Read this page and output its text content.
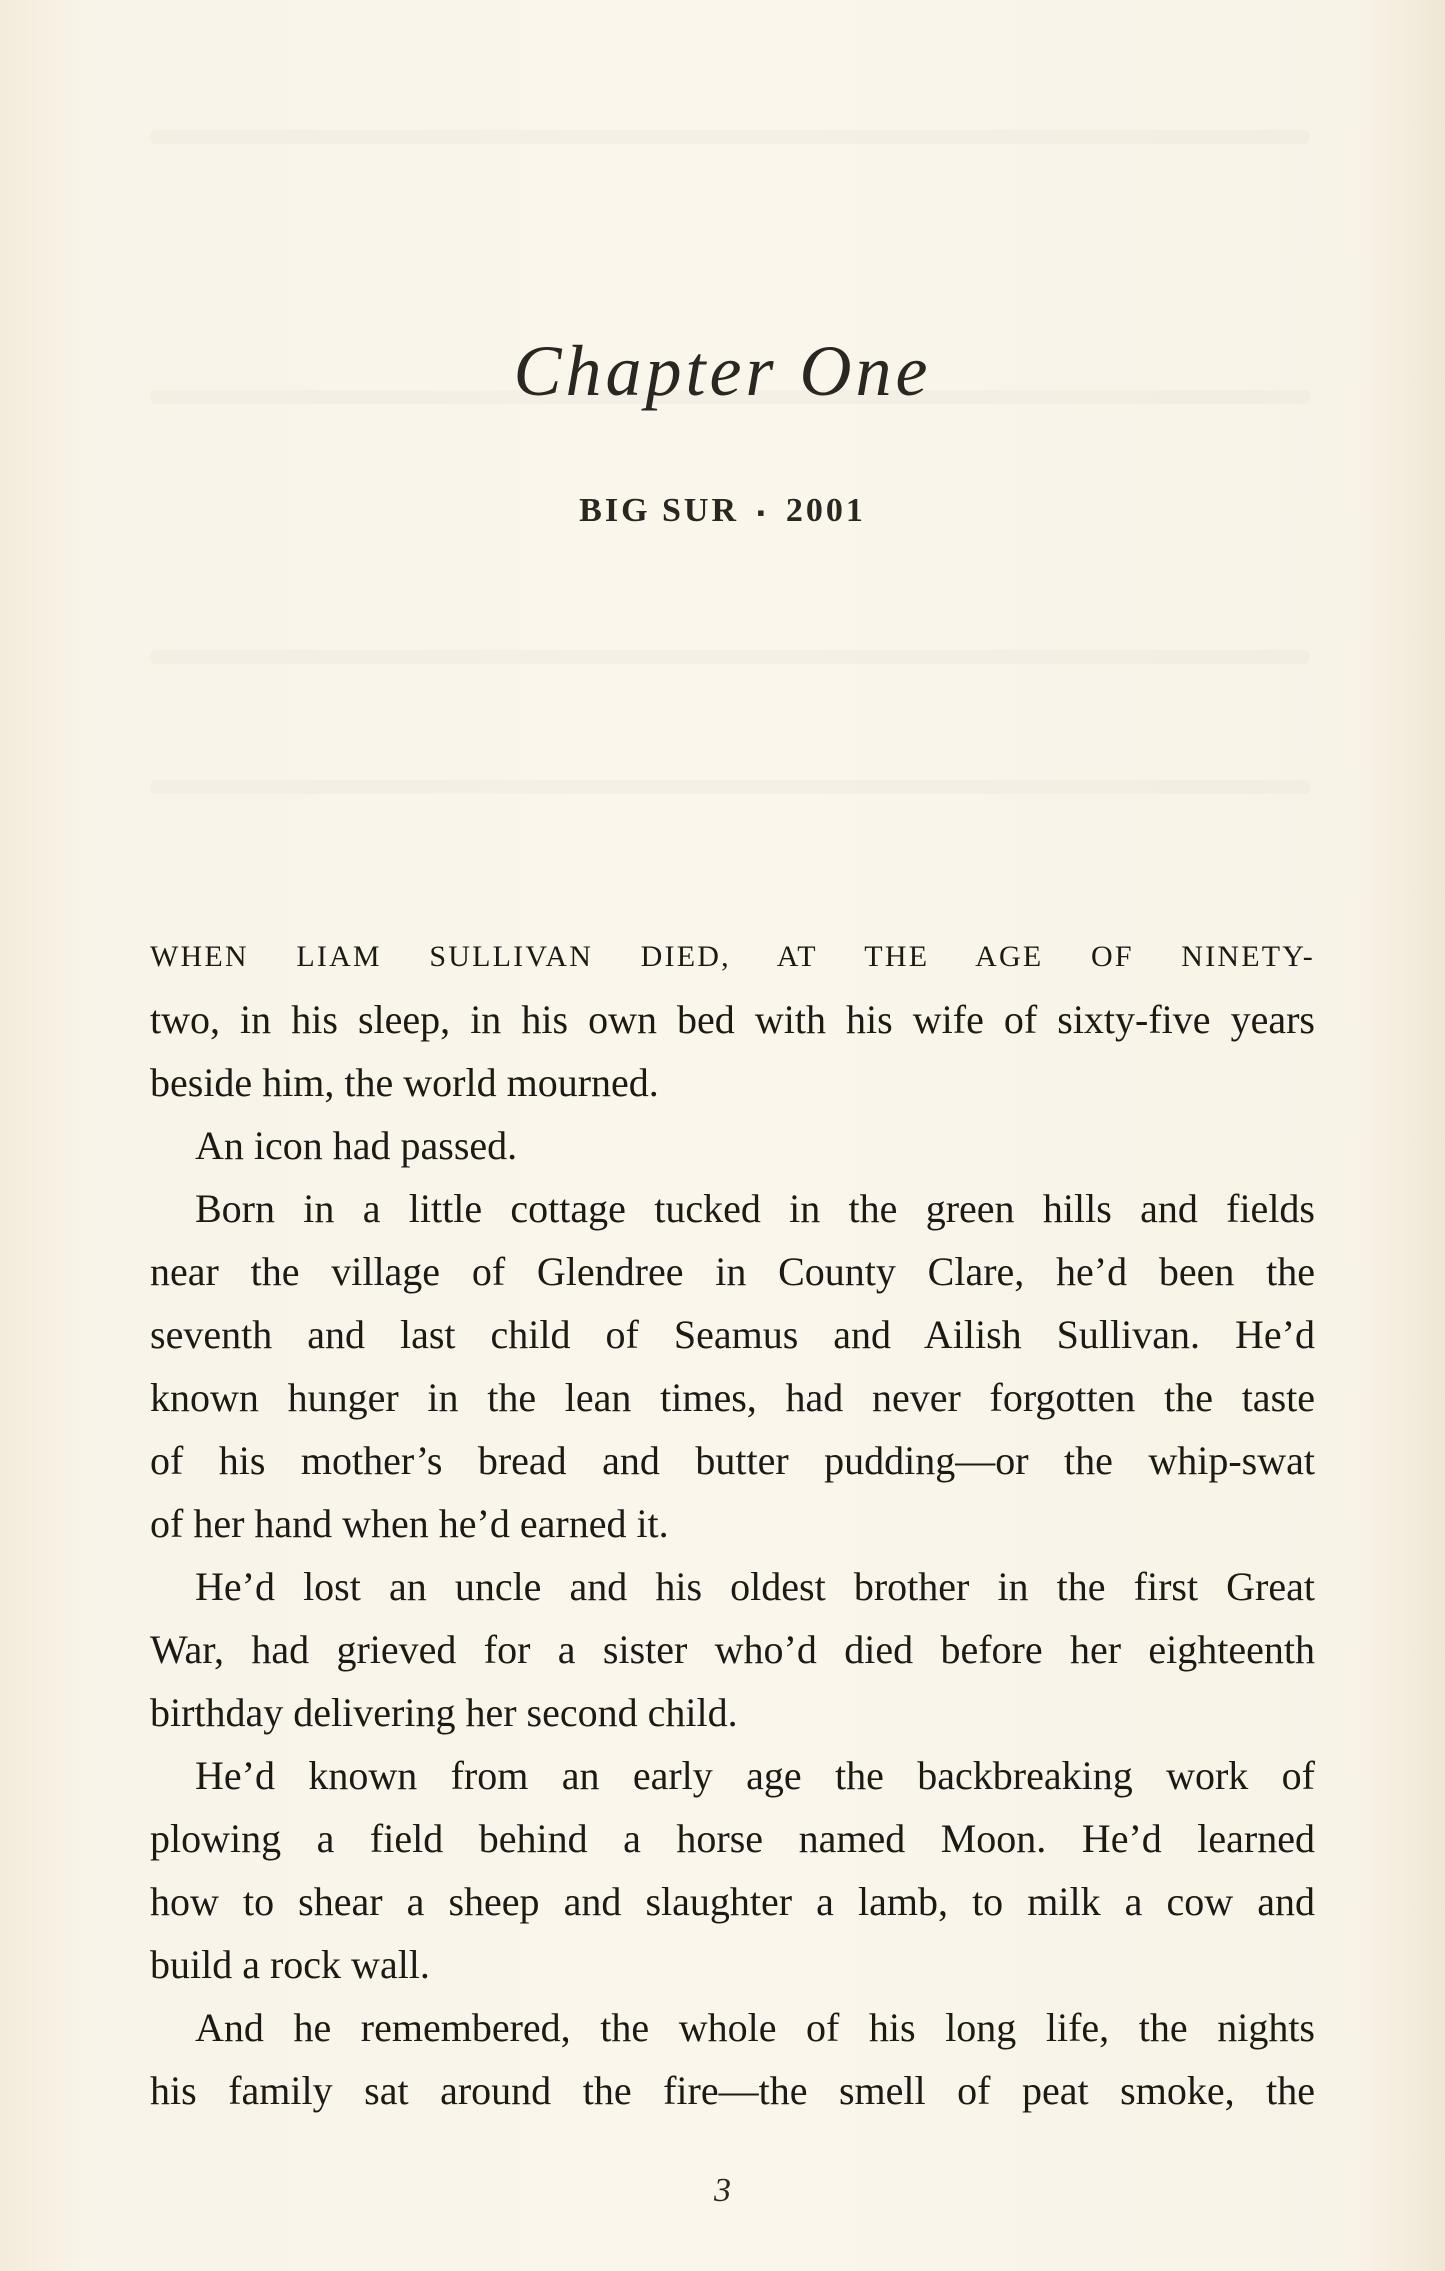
Chapter One
BIG SUR ▪ 2001
WHEN LIAM SULLIVAN DIED, AT THE AGE OF NINETY-
two, in his sleep, in his own bed with his wife of sixty-five years
beside him, the world mourned.
An icon had passed.
Born in a little cottage tucked in the green hills and fields
near the village of Glendree in County Clare, he’d been the
seventh and last child of Seamus and Ailish Sullivan. He’d
known hunger in the lean times, had never forgotten the taste
of his mother’s bread and butter pudding—or the whip-swat
of her hand when he’d earned it.
He’d lost an uncle and his oldest brother in the first Great
War, had grieved for a sister who’d died before her eighteenth
birthday delivering her second child.
He’d known from an early age the backbreaking work of
plowing a field behind a horse named Moon. He’d learned
how to shear a sheep and slaughter a lamb, to milk a cow and
build a rock wall.
And he remembered, the whole of his long life, the nights
his family sat around the fire—the smell of peat smoke, the
3
